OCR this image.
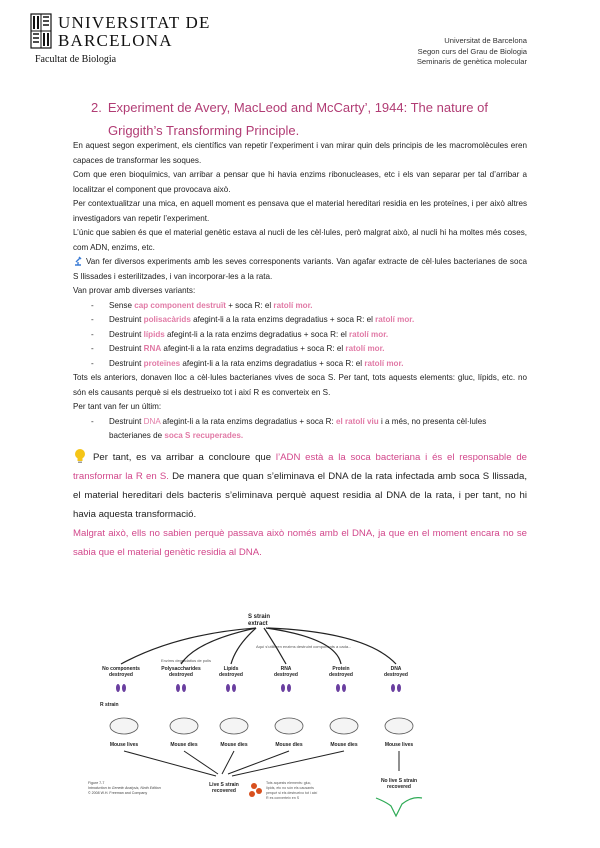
UNIVERSITAT DE
BARCELONA
Facultat de Biologia
Universitat de Barcelona
Segon curs del Grau de Biologia
Seminaris de genètica molecular
2. Experiment de Avery, MacLeod and McCarty’, 1944: The nature of
Griggith’s Transforming Principle.

En aquest segon experiment, els científics van repetir l’experiment i van mirar quin dels principis de les macromolècules eren capaces de transformar les soques.

Com que eren bioquímics, van arribar a pensar que hi havia enzims ribonucleases, etc i els van separar per tal d’arribar a localitzar el component que provocava això.

Per contextualitzar una mica, en aquell moment es pensava que el material hereditari residia en les proteïnes, i per això altres investigadors van repetir l’experiment.

L’únic que sabien és que el material genètic estava al nucli de les cèl·lules, però malgrat això, al nucli hi ha moltes més coses, com ADN, enzims, etc.

Van fer diversos experiments amb les seves corresponents variants. Van agafar extracte de cèl·lules bacterianes de soca S llissades i esterilitzades, i van incorporar-les a la rata.

Van provar amb diverses variants:

- Sense cap component destruït + soca R: el ratolí mor.
- Destruint polisacàrids afegint-li a la rata enzims degradatius + soca R: el ratolí mor.
- Destruint lípids afegint-li a la rata enzims degradatius + soca R: el ratolí mor.
- Destruint RNA afegint-li a la rata enzims degradatius + soca R: el ratolí mor.
- Destruint proteïnes afegint-li a la rata enzims degradatius + soca R: el ratolí mor.

Tots els anteriors, donaven lloc a cèl·lules bacterianes vives de soca S. Per tant, tots aquests elements: gluc, lípids, etc. no són els causants perquè si els destrueixo tot i així R es converteix en S.

Per tant van fer un últim:

- Destruint DNA afegint-li a la rata enzims degradatius + soca R: el ratolí viu i a més, no presenta cèl·lules bacterianes de soca S recuperades.

Per tant, es va arribar a concloure que l’ADN està a la soca bacteriana i és el responsable de transformar la R en S. De manera que quan s’eliminava el DNA de la rata infectada amb soca S llissada, el material hereditari dels bacteris s’eliminava perquè aquest residia al DNA de la rata, i per tant, no hi havia aquesta transformació.

Malgrat això, ells no sabien perquè passava això només amb el DNA, ja que en el moment encara no se sabia que el material genètic residia al DNA.

S strain
extract
Aquí s’utilitzen enzims destruint components a cada...
Enzims degradatius de polis
No components
destroyed
Polysaccharides
destroyed
Lipids
destroyed
RNA
destroyed
Protein
destroyed
DNA
destroyed
R strain
Mouse lives	Mouse dies	Mouse dies	Mouse dies	Mouse dies	Mouse lives
Live S strain
recovered
Tots aquests elements: gluc,
lípids, etc no són els causants
perquè si els destrueixo tot i així
R es converteix en S
No live S strain
recovered
Figure 7-7
Introduction to Genetic Analysis, Ninth Edition
© 2008 W.H. Freeman and Company
